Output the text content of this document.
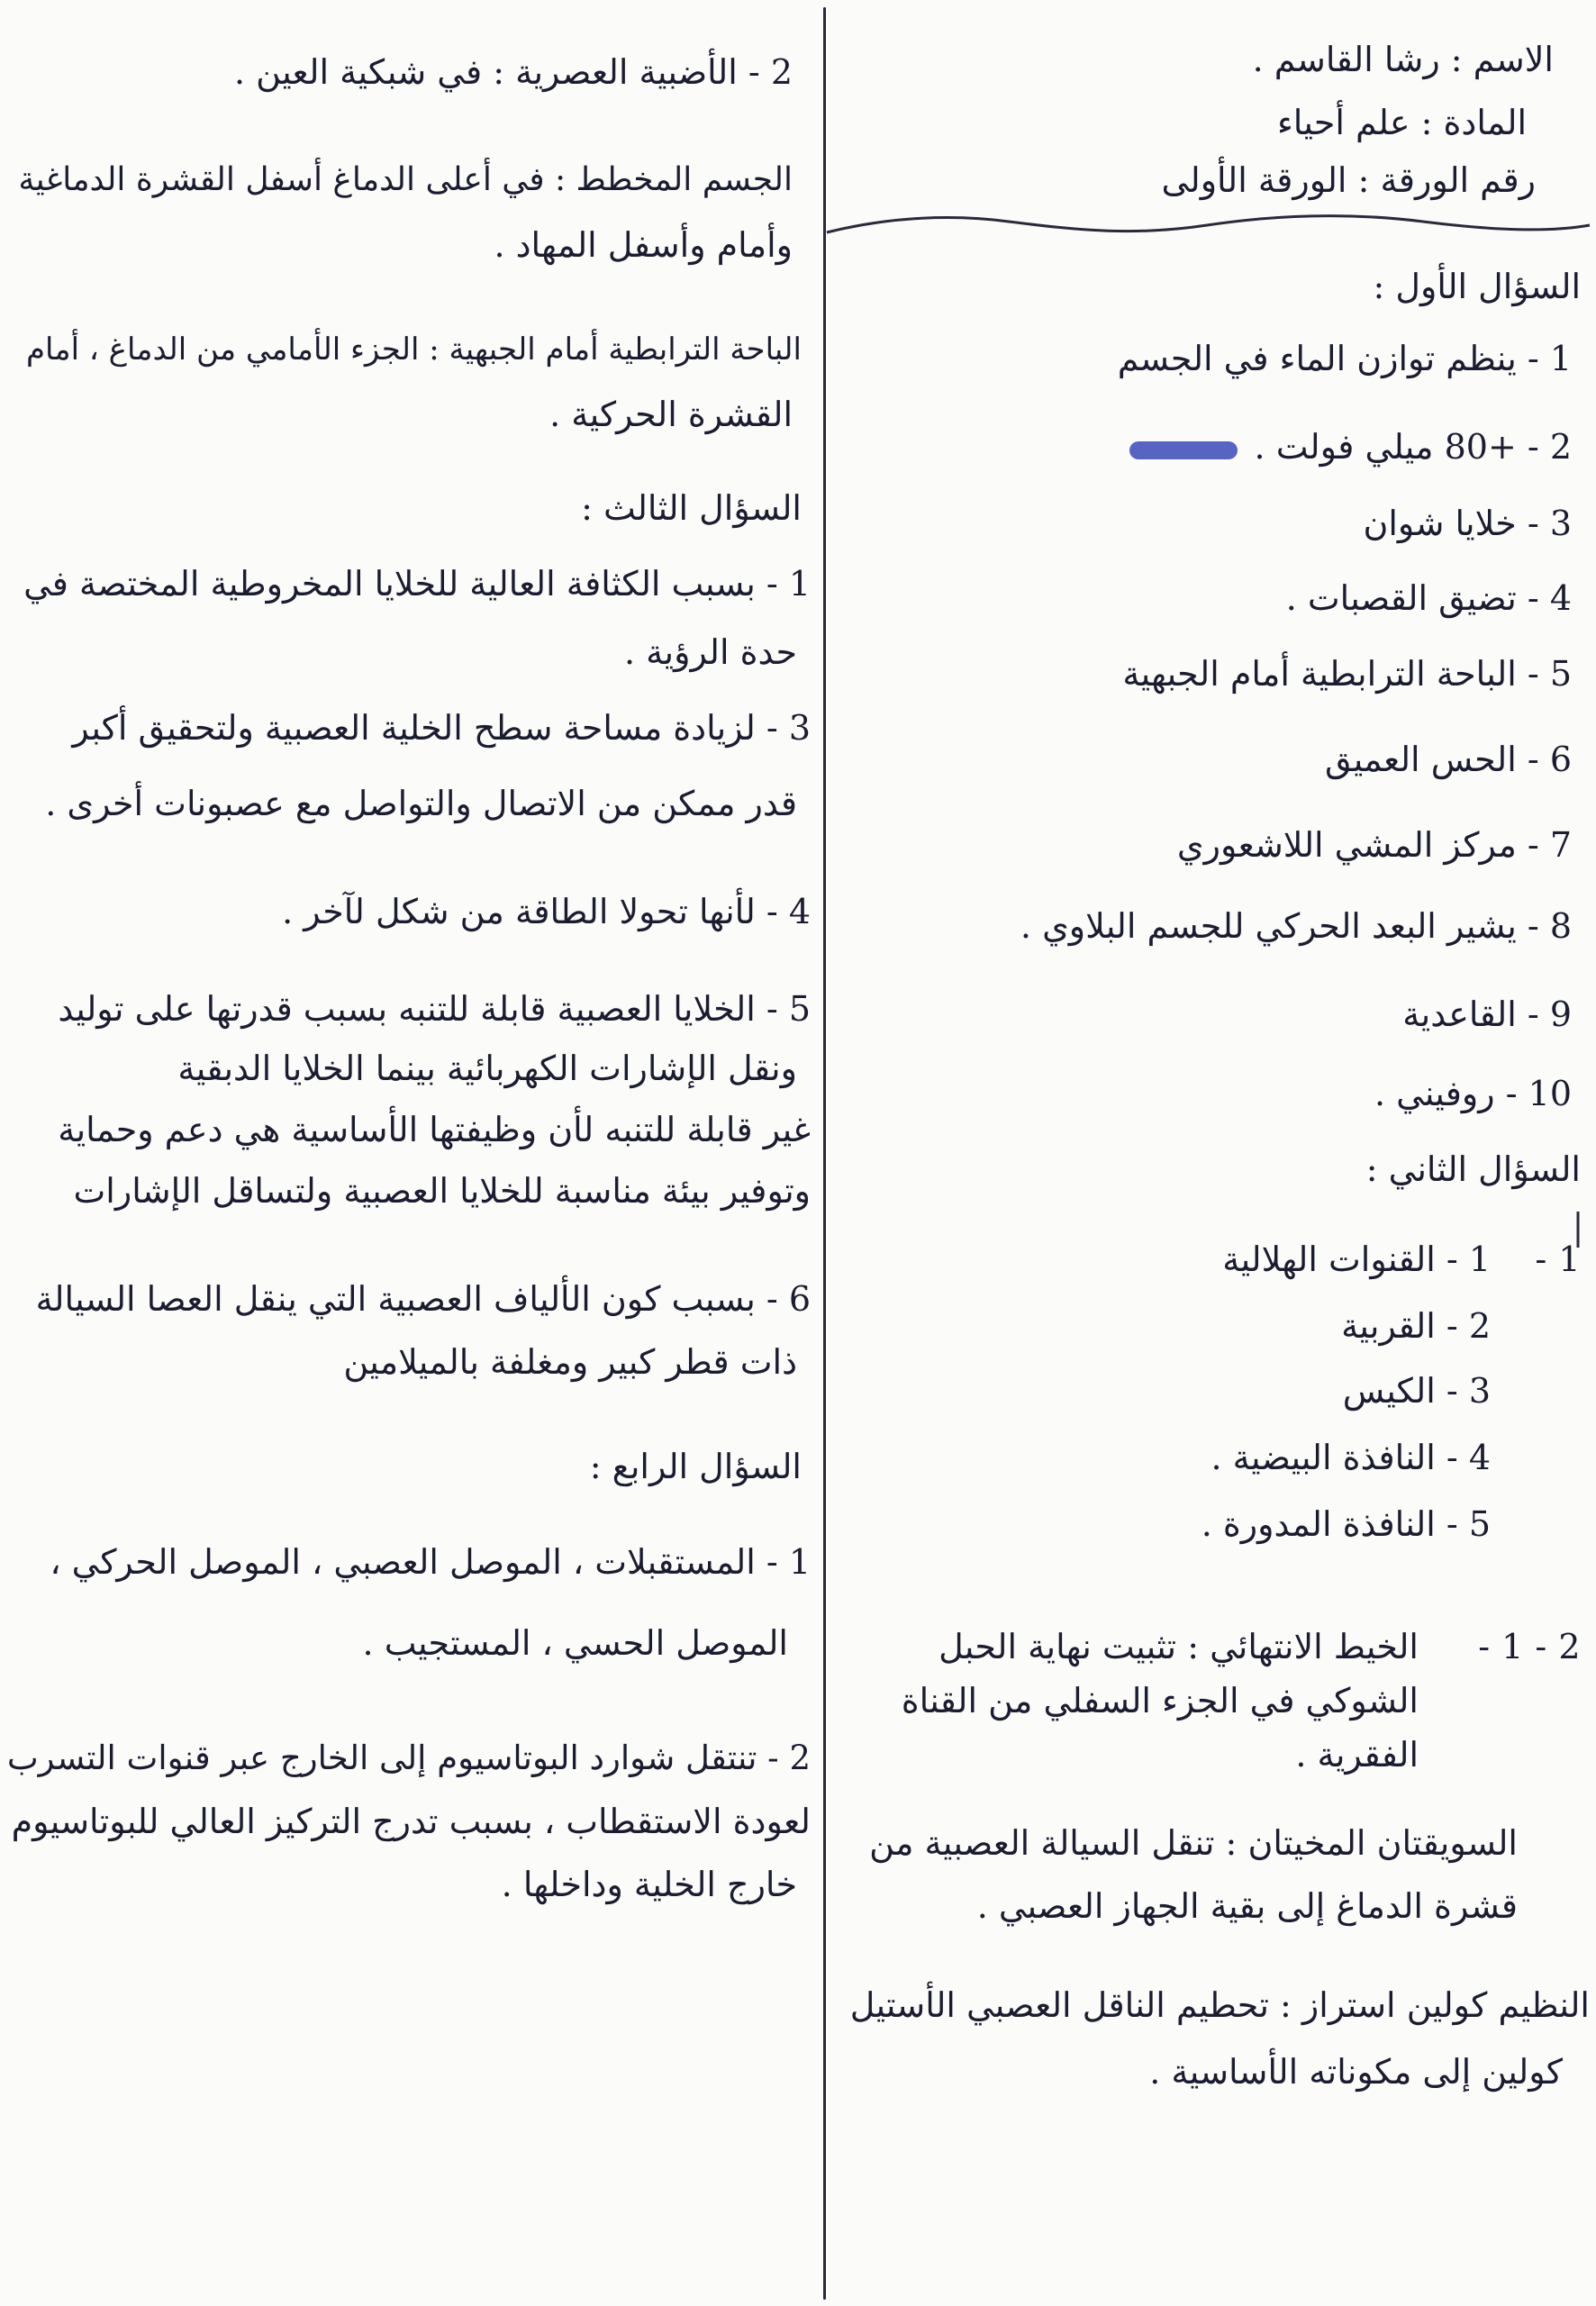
الاسم : رشا القاسم .
المادة : علم أحياء
رقم الورقة : الورقة الأولى
السؤال الأول :
1 - ينظم توازن الماء في الجسم
2 - +80 ميلي فولت .
3 - خلايا شوان
4 - تضيق القصبات .
5 - الباحة الترابطية أمام الجبهية
6 - الحس العميق
7 - مركز المشي اللاشعوري
8 - يشير البعد الحركي للجسم البلاوي .
9 - القاعدية
10 - روفيني .
السؤال الثاني :
1 -
1 - القنوات الهلالية
2 - القربية
3 - الكيس
4 - النافذة البيضية .
5 - النافذة المدورة .
2 - 1 -
الخيط الانتهائي : تثبيت نهاية الحبل
الشوكي في الجزء السفلي من القناة
الفقرية .
السويقتان المخيتان : تنقل السيالة العصبية من
قشرة الدماغ إلى بقية الجهاز العصبي .
النظيم كولين استراز : تحطيم الناقل العصبي الأستيل
كولين إلى مكوناته الأساسية .
2 - الأضبية العصرية : في شبكية العين .
الجسم المخطط : في أعلى الدماغ أسفل القشرة الدماغية
وأمام وأسفل المهاد .
الباحة الترابطية أمام الجبهية : الجزء الأمامي من الدماغ ، أمام
القشرة الحركية .
السؤال الثالث :
1 - بسبب الكثافة العالية للخلايا المخروطية المختصة في
حدة الرؤية .
3 - لزيادة مساحة سطح الخلية العصبية ولتحقيق أكبر
قدر ممكن من الاتصال والتواصل مع عصبونات أخرى .
4 - لأنها تحولا الطاقة من شكل لآخر .
5 - الخلايا العصبية قابلة للتنبه بسبب قدرتها على توليد
ونقل الإشارات الكهربائية بينما الخلايا الدبقية
غير قابلة للتنبه لأن وظيفتها الأساسية هي دعم وحماية
وتوفير بيئة مناسبة للخلايا العصبية ولتساقل الإشارات
6 - بسبب كون الألياف العصبية التي ينقل العصا السيالة
ذات قطر كبير ومغلفة بالميلامين
السؤال الرابع :
1 - المستقبلات ، الموصل العصبي ، الموصل الحركي ،
الموصل الحسي ، المستجيب .
2 - تنتقل شوارد البوتاسيوم إلى الخارج عبر قنوات التسرب
لعودة الاستقطاب ، بسبب تدرج التركيز العالي للبوتاسيوم
خارج الخلية وداخلها .
